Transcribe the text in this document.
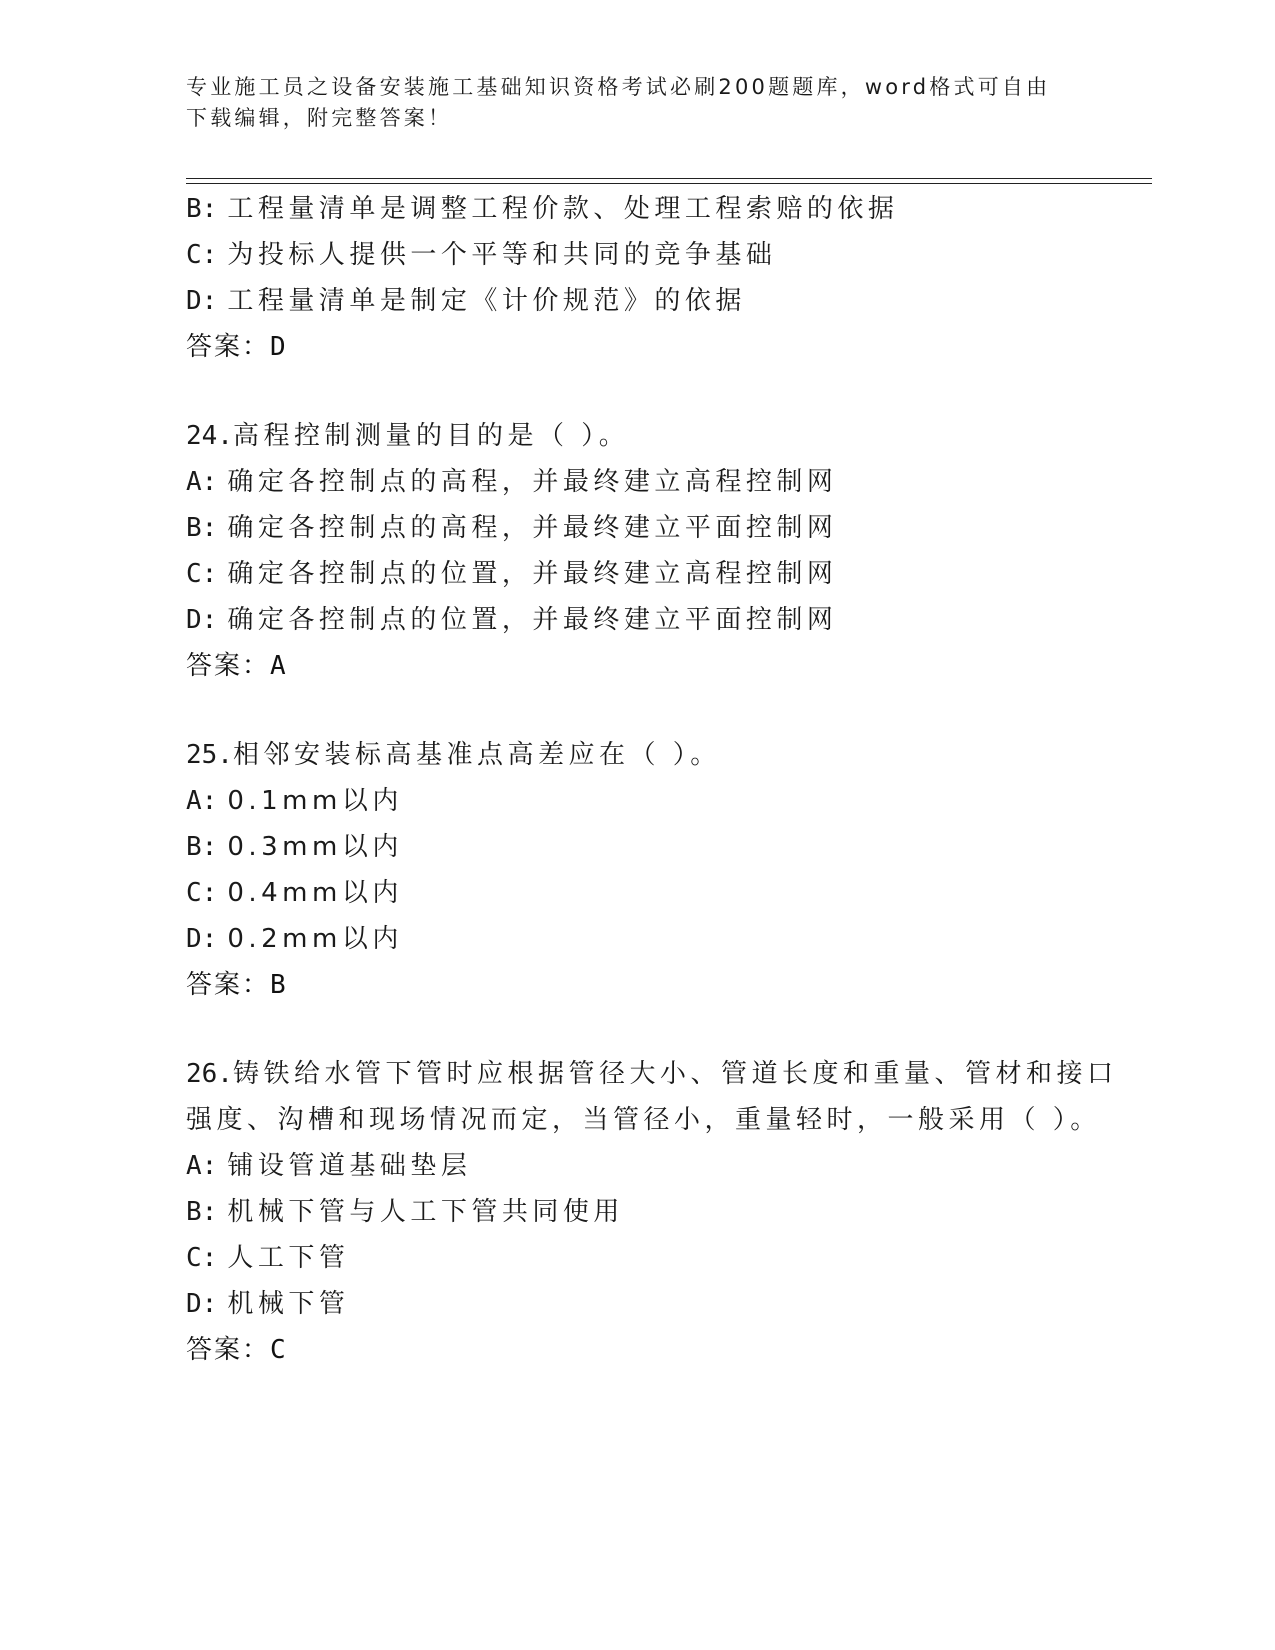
专业施工员之设备安装施工基础知识资格考试必刷200题题库，word格式可自由下载编辑，附完整答案！
B: 工程量清单是调整工程价款、处理工程索赔的依据
C: 为投标人提供一个平等和共同的竞争基础
D: 工程量清单是制定《计价规范》的依据
答案：D
24.高程控制测量的目的是（ ）。
A: 确定各控制点的高程，并最终建立高程控制网
B: 确定各控制点的高程，并最终建立平面控制网
C: 确定各控制点的位置，并最终建立高程控制网
D: 确定各控制点的位置，并最终建立平面控制网
答案：A
25.相邻安装标高基准点高差应在（ ）。
A: 0.1mm以内
B: 0.3mm以内
C: 0.4mm以内
D: 0.2mm以内
答案：B
26.铸铁给水管下管时应根据管径大小、管道长度和重量、管材和接口
强度、沟槽和现场情况而定，当管径小，重量轻时，一般采用（ ）。
A: 铺设管道基础垫层
B: 机械下管与人工下管共同使用
C: 人工下管
D: 机械下管
答案：C
